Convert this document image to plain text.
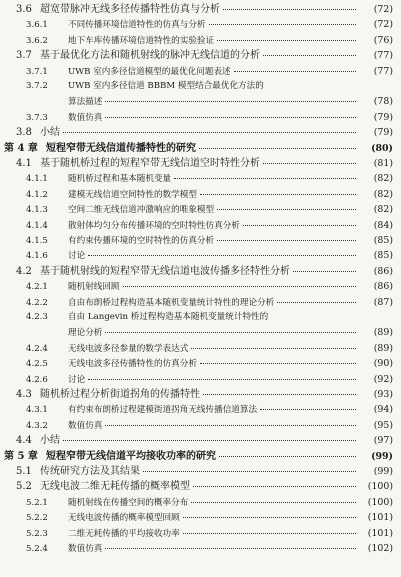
3.6 超宽带脉冲无线多径传播特性仿真与分析	(72)
3.6.1	不同传播环境信道特性的仿真与分析	(72)
3.6.2	地下车库传播环境信道特性的实验验证	(76)
3.7 基于最优化方法和随机射线的脉冲无线信道的分析	(77)
3.7.1	UWB 室内多径信道模型的最优化问题表述	(77)
3.7.2	UWB 室内多径信道 BBBM 模型结合最优化方法的
算法描述	(78)
3.7.3	数值仿真	(79)
3.8 小结	(79)
第 4 章 短程窄带无线信道传播特性的研究	(80)
4.1 基于随机桥过程的短程窄带无线信道空时特性分析	(81)
4.1.1	随机桥过程和基本随机变量	(82)
4.1.2	建模无线信道空间特性的数学模型	(82)
4.1.3	空间二维无线信道冲激响应的唯象模型	(82)
4.1.4	散射体均匀分布传播环境的空时特性仿真分析	(84)
4.1.5	有约束传播环境的空时特性的仿真分析	(85)
4.1.6	讨论	(85)
4.2 基于随机射线的短程窄带无线信道电波传播多径特性分析	(86)
4.2.1	随机射线回顾	(86)
4.2.2	自由布朗桥过程构造基本随机变量统计特性的理论分析	(87)
4.2.3	自由 Langevin 桥过程构造基本随机变量统计特性的
理论分析	(89)
4.2.4	无线电波多径参量的数学表达式	(89)
4.2.5	无线电波多径传播特性的仿真分析	(90)
4.2.6	讨论	(92)
4.3 随机桥过程分析街道拐角的传播特性	(93)
4.3.1	有约束布朗桥过程建模街道拐角无线传播信道算法	(94)
4.3.2	数值仿真	(95)
4.4 小结	(97)
第 5 章 短程窄带无线信道平均接收功率的研究	(99)
5.1 传统研究方法及其结果	(99)
5.2 无线电波二维无耗传播的概率模型	(100)
5.2.1	随机射线在传播空间的概率分布	(100)
5.2.2	无线电波传播的概率模型回顾	(101)
5.2.3	二维无耗传播的平均接收功率	(101)
5.2.4	数值仿真	(102)
